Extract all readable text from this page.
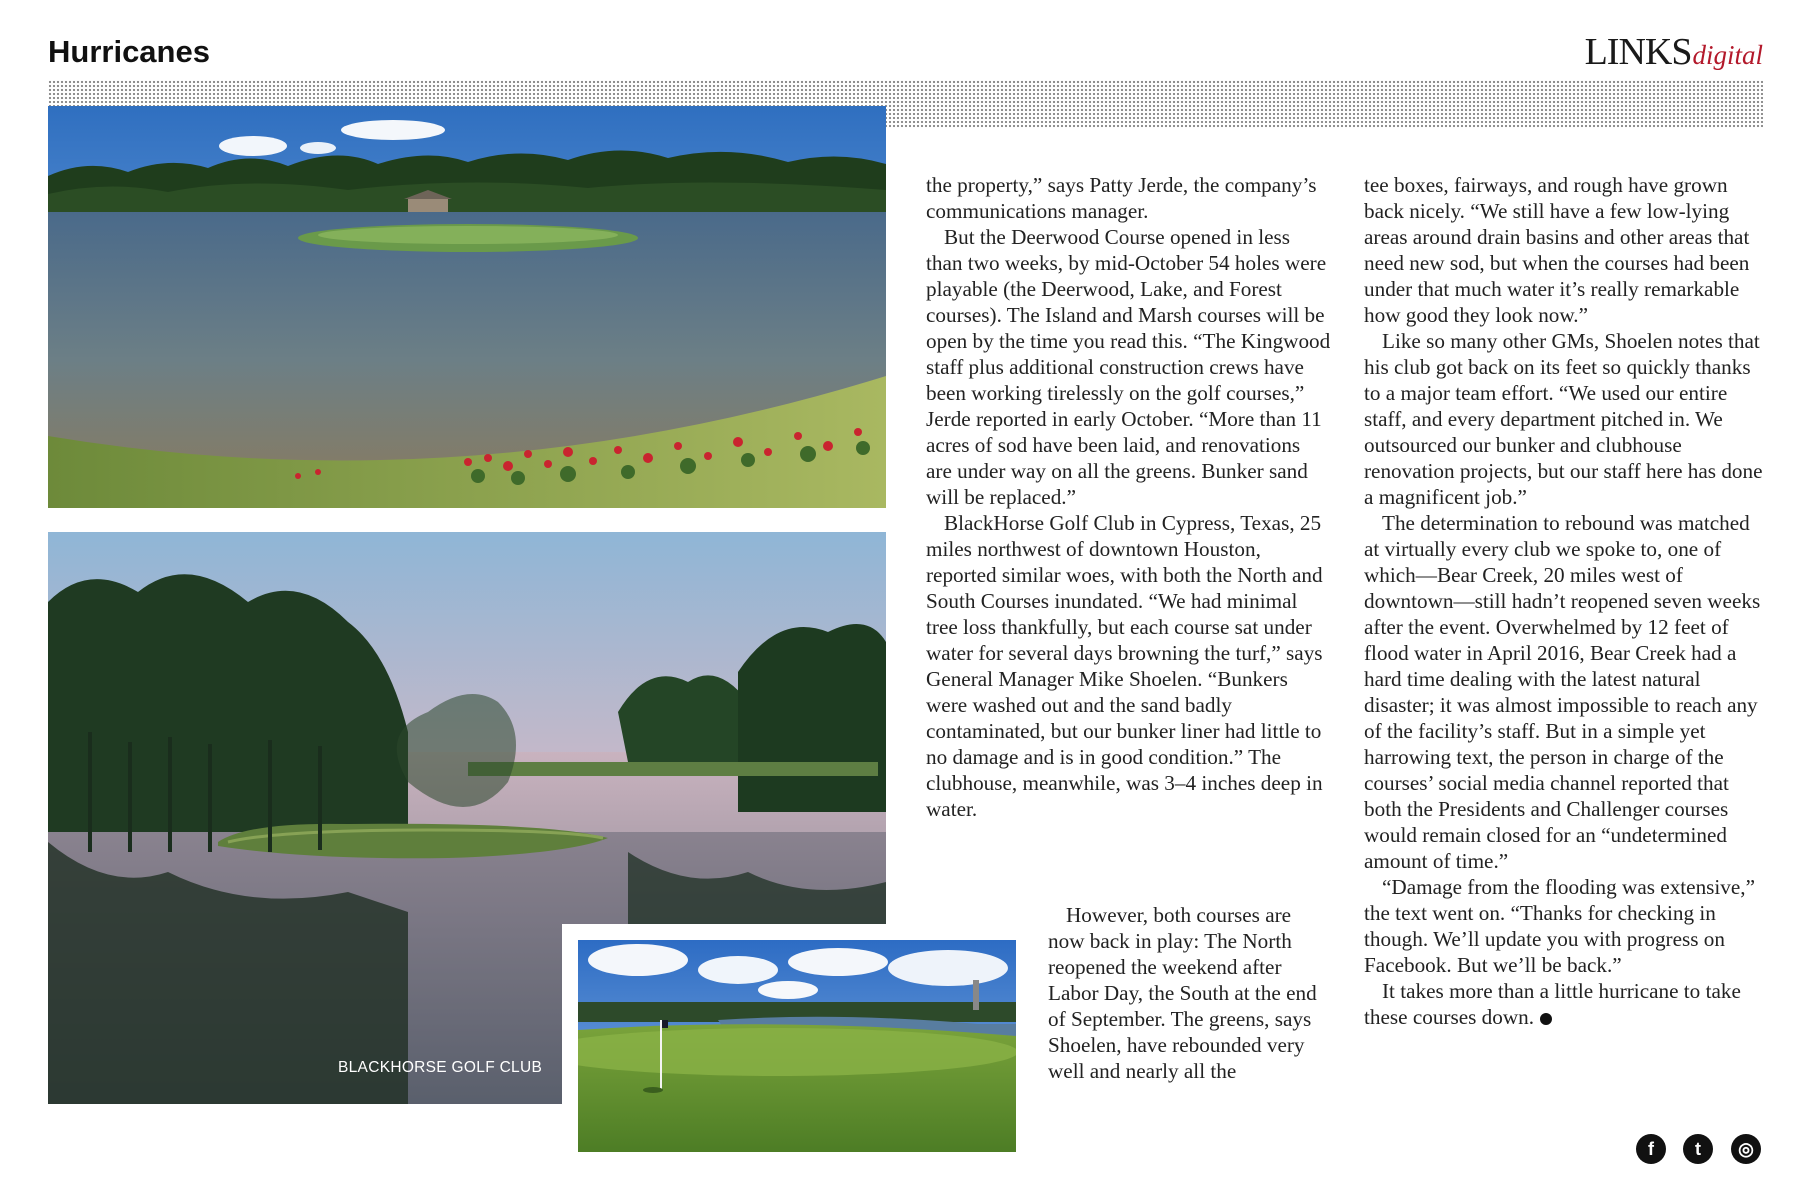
Hurricanes	LINKS digital
BLACKHORSE GOLF CLUB

the property,” says Patty Jerde, the company’s communications manager.

But the Deerwood Course opened in less than two weeks, by mid-October 54 holes were playable (the Deerwood, Lake, and Forest courses). The Island and Marsh courses will be open by the time you read this. “The Kingwood staff plus additional construction crews have been working tirelessly on the golf courses,” Jerde reported in early October. “More than 11 acres of sod have been laid, and renovations are under way on all the greens. Bunker sand will be replaced.”

BlackHorse Golf Club in Cypress, Texas, 25 miles northwest of downtown Houston, reported similar woes, with both the North and South Courses inundated. “We had minimal tree loss thankfully, but each course sat under water for several days browning the turf,” says General Manager Mike Shoelen. “Bunkers were washed out and the sand badly contaminated, but our bunker liner had little to no damage and is in good condition.” The clubhouse, meanwhile, was 3–4 inches deep in water.

However, both courses are now back in play: The North reopened the weekend after Labor Day, the South at the end of September. The greens, says Shoelen, have rebounded very well and nearly all the

tee boxes, fairways, and rough have grown back nicely. “We still have a few low-lying areas around drain basins and other areas that need new sod, but when the courses had been under that much water it’s really remarkable how good they look now.”

Like so many other GMs, Shoelen notes that his club got back on its feet so quickly thanks to a major team effort. “We used our entire staff, and every department pitched in. We outsourced our bunker and clubhouse renovation projects, but our staff here has done a magnificent job.”

The determination to rebound was matched at virtually every club we spoke to, one of which—Bear Creek, 20 miles west of downtown—still hadn’t reopened seven weeks after the event. Overwhelmed by 12 feet of flood water in April 2016, Bear Creek had a hard time dealing with the latest natural disaster; it was almost impossible to reach any of the facility’s staff. But in a simple yet harrowing text, the person in charge of the courses’ social media channel reported that both the Presidents and Challenger courses would remain closed for an “undetermined amount of time.”

“Damage from the flooding was extensive,” the text went on. “Thanks for checking in though. We’ll update you with progress on Facebook. But we’ll be back.”

It takes more than a little hurricane to take these courses down.	L

f	t	◎
